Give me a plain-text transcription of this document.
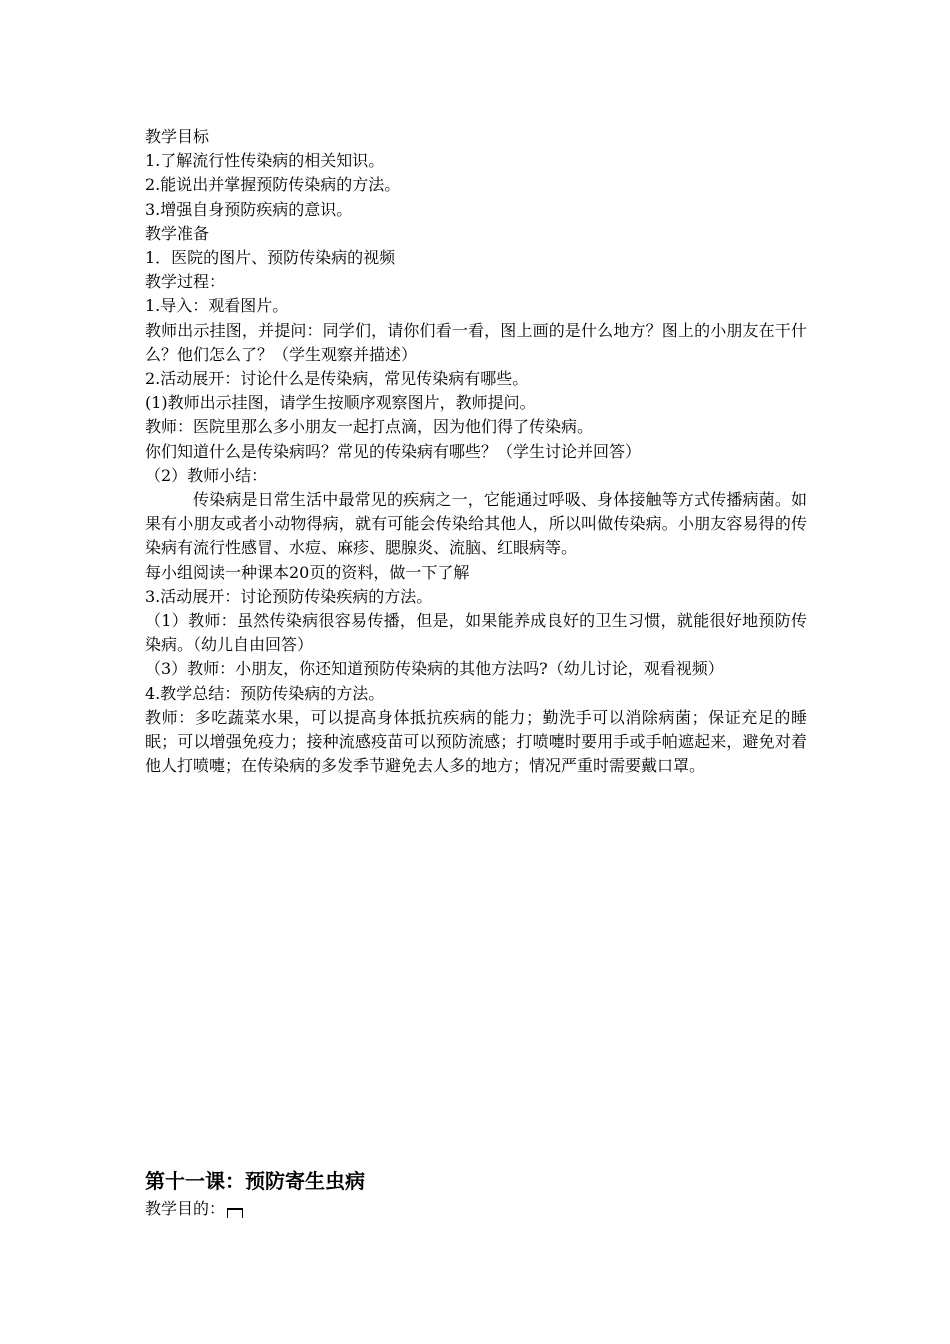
教学目标

1.了解流行性传染病的相关知识。

2.能说出并掌握预防传染病的方法。

3.增强自身预防疾病的意识。

教学准备

1．医院的图片、预防传染病的视频

教学过程：

1.导入：观看图片。

教师出示挂图，并提问：同学们，请你们看一看，图上画的是什么地方？图上的小朋友在干什么？他们怎么了？（学生观察并描述）

2.活动展开：讨论什么是传染病，常见传染病有哪些。

(1)教师出示挂图，请学生按顺序观察图片，教师提问。

教师：医院里那么多小朋友一起打点滴，因为他们得了传染病。

你们知道什么是传染病吗？常见的传染病有哪些？（学生讨论并回答）

（2）教师小结：

传染病是日常生活中最常见的疾病之一，它能通过呼吸、身体接触等方式传播病菌。如果有小朋友或者小动物得病，就有可能会传染给其他人，所以叫做传染病。小朋友容易得的传染病有流行性感冒、水痘、麻疹、腮腺炎、流脑、红眼病等。

每小组阅读一种课本20页的资料，做一下了解

3.活动展开：讨论预防传染疾病的方法。

（1）教师：虽然传染病很容易传播，但是，如果能养成良好的卫生习惯，就能很好地预防传染病。（幼儿自由回答）

（3）教师：小朋友，你还知道预防传染病的其他方法吗?（幼儿讨论，观看视频）

4.教学总结：预防传染病的方法。

教师：多吃蔬菜水果，可以提高身体抵抗疾病的能力；勤洗手可以消除病菌；保证充足的睡眠；可以增强免疫力；接种流感疫苗可以预防流感；打喷嚏时要用手或手帕遮起来，避免对着他人打喷嚏；在传染病的多发季节避免去人多的地方；情况严重时需要戴口罩。

第十一课：预防寄生虫病

教学目的：
